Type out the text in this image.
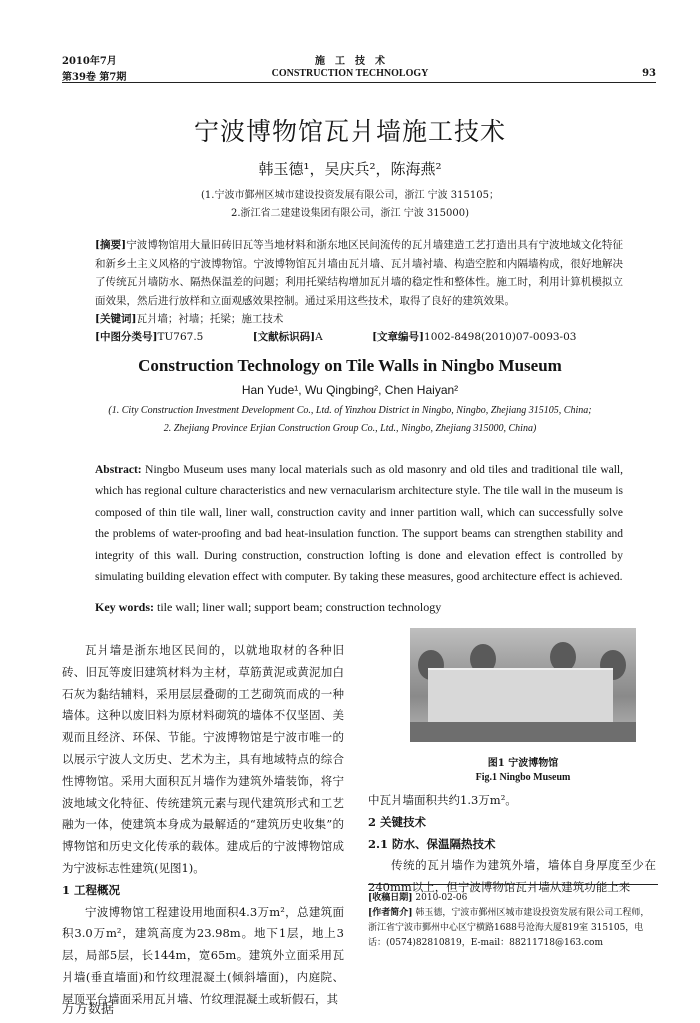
2010年7月
第39卷 第7期
施　工　技　术
CONSTRUCTION TECHNOLOGY	93
宁波博物馆瓦爿墙施工技术
韩玉德¹，吴庆兵²，陈海燕²
(1.宁波市鄞州区城市建设投资发展有限公司，浙江 宁波 315105；
2.浙江省二建建设集团有限公司，浙江 宁波 315000)
[摘要]宁波博物馆用大量旧砖旧瓦等当地材料和浙东地区民间流传的瓦爿墙建造工艺打造出具有宁波地域文化特征和新乡土主义风格的宁波博物馆。宁波博物馆瓦爿墙由瓦爿墙、瓦爿墙衬墙、构造空腔和内隔墙构成，很好地解决了传统瓦爿墙防水、隔热保温差的问题；利用托梁结构增加瓦爿墙的稳定性和整体性。施工时，利用计算机模拟立面效果，然后进行放样和立面观感效果控制。通过采用这些技术，取得了良好的建筑效果。
[关键词]瓦爿墙；衬墙；托梁；施工技术
[中图分类号]TU767.5	[文献标识码]A	[文章编号]1002-8498(2010)07-0093-03
Construction Technology on Tile Walls in Ningbo Museum
Han Yude¹, Wu Qingbing², Chen Haiyan²
(1. City Construction Investment Development Co., Ltd. of Yinzhou District in Ningbo, Ningbo, Zhejiang 315105, China;
2. Zhejiang Province Erjian Construction Group Co., Ltd., Ningbo, Zhejiang 315000, China)
Abstract: Ningbo Museum uses many local materials such as old masonry and old tiles and traditional tile wall, which has regional culture characteristics and new vernacularism architecture style. The tile wall in the museum is composed of thin tile wall, liner wall, construction cavity and inner partition wall, which can successfully solve the problems of water-proofing and bad heat-insulation function. The support beams can strengthen stability and integrity of this wall. During construction, construction lofting is done and elevation effect is controlled by simulating building elevation effect with computer. By taking these measures, good architecture effect is achieved.
Key words: tile wall; liner wall; support beam; construction technology

瓦爿墙是浙东地区民间的，以就地取材的各种旧砖、旧瓦等废旧建筑材料为主材，草筋黄泥或黄泥加白石灰为黏结辅料，采用层层叠砌的工艺砌筑而成的一种墙体。这种以废旧料为原材料砌筑的墙体不仅坚固、美观而且经济、环保、节能。宁波博物馆是宁波市唯一的以展示宁波人文历史、艺术为主，具有地域特点的综合性博物馆。采用大面积瓦爿墙作为建筑外墙装饰，将宁波地域文化特征、传统建筑元素与现代建筑形式和工艺融为一体，使建筑本身成为最解适的“建筑历史收集”的博物馆和历史文化传承的载体。建成后的宁波博物馆成为宁波标志性建筑(见图1)。

1 工程概况

宁波博物馆工程建设用地面积4.3万m²，总建筑面积3.0万m²，建筑高度为23.98m。地下1层，地上3层，局部5层，长144m，宽65m。建筑外立面采用瓦爿墙(垂直墙面)和竹纹理混凝土(倾斜墙面)，内庭院、屋顶平台墙面采用瓦爿墙、竹纹理混凝土或斩假石，其

图1 宁波博物馆
Fig.1 Ningbo Museum

中瓦爿墙面积共约1.3万m²。

2 关键技术

2.1 防水、保温隔热技术

传统的瓦爿墙作为建筑外墙，墙体自身厚度至少在240mm以上，但宁波博物馆瓦爿墙从建筑功能上来

[收稿日期] 2010-02-06
[作者简介] 韩玉德，宁波市鄞州区城市建设投资发展有限公司工程师，浙江省宁波市鄞州中心区宁横路1688号沧海大厦819室 315105，电话：(0574)82810819，E-mail：88211718@163.com
万方数据
